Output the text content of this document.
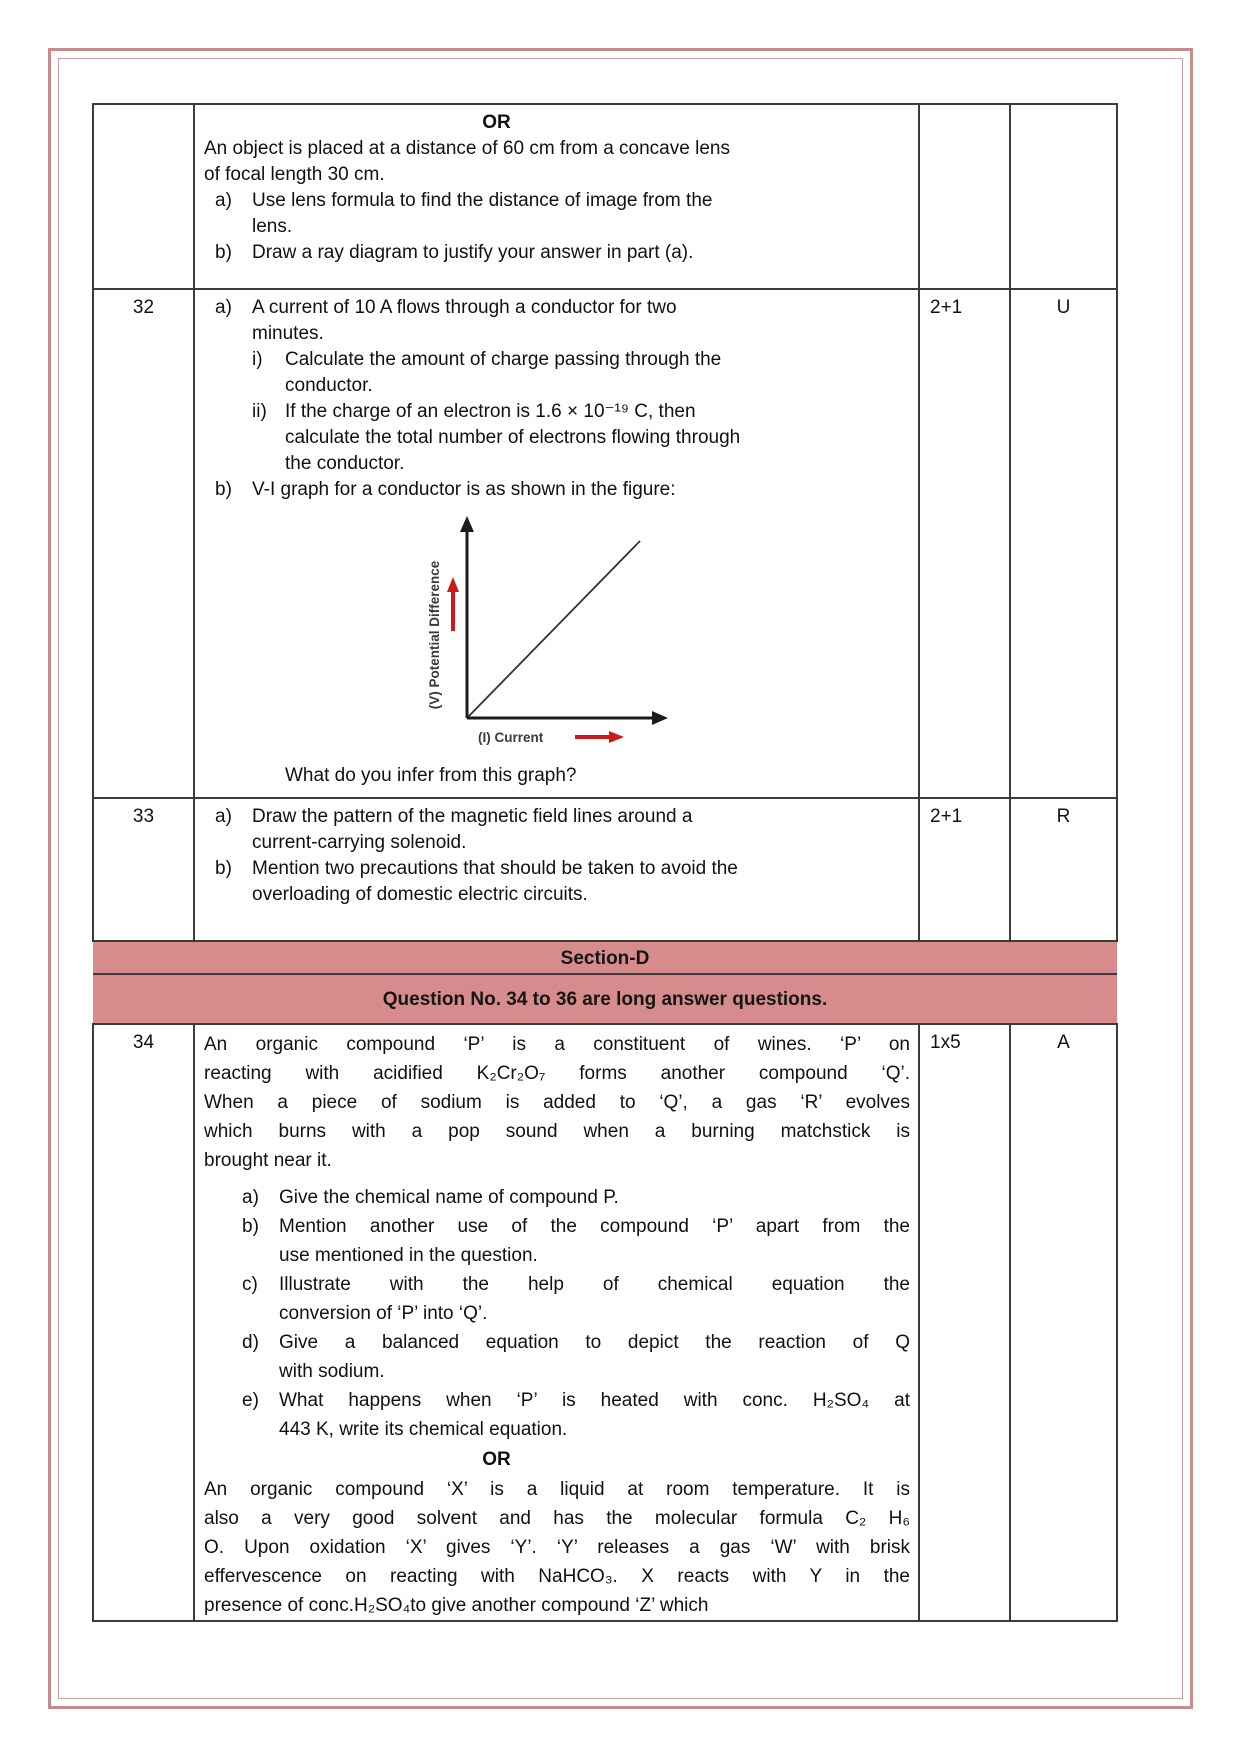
OR
An object is placed at a distance of 60 cm from a concave lens
of focal length 30 cm.
a)	Use lens formula to find the distance of image from the
lens.
b)	Draw a ray diagram to justify your answer in part (a).

32	a)	A current of 10 A flows through a conductor for two
minutes.
i)	Calculate the amount of charge passing through the
conductor.
ii) If the charge of an electron is 1.6 × 10⁻¹⁹ C, then
calculate the total number of electrons flowing through
the conductor.
b)	V-I graph for a conductor is as shown in the figure:
(V) Potential Difference
(I) Current
What do you infer from this graph?
	2+1	U
33	a)	Draw the pattern of the magnetic field lines around a
current-carrying solenoid.
b)	Mention two precautions that should be taken to avoid the
overloading of domestic electric circuits.
	2+1	R
Section-D			
Question No. 34 to 36 are long answer questions.			
34	An organic compound ‘P’ is a constituent of wines. ‘P’ on
reacting with acidified K₂Cr₂O₇ forms another compound ‘Q’.
When a piece of sodium is added to ‘Q’, a gas ‘R’ evolves
which burns with a pop sound when a burning matchstick is
brought near it.
a)	Give the chemical name of compound P.
b)	Mention another use of the compound ‘P’ apart from the
use mentioned in the question.
c)	Illustrate with the help of chemical equation the
conversion of ‘P’ into ‘Q’.
d)	Give a balanced equation to depict the reaction of Q
with sodium.
e)	What happens when ‘P’ is heated with conc. H₂SO₄ at
443 K, write its chemical equation.
OR
An organic compound ‘X’ is a liquid at room temperature. It is
also a very good solvent and has the molecular formula C₂ H₆
O. Upon oxidation ‘X’ gives ‘Y’. ‘Y’ releases a gas ‘W’ with brisk
effervescence on reacting with NaHCO₃. X reacts with Y in the
presence of conc.H₂SO₄to give another compound ‘Z’ which
	1x5	A
